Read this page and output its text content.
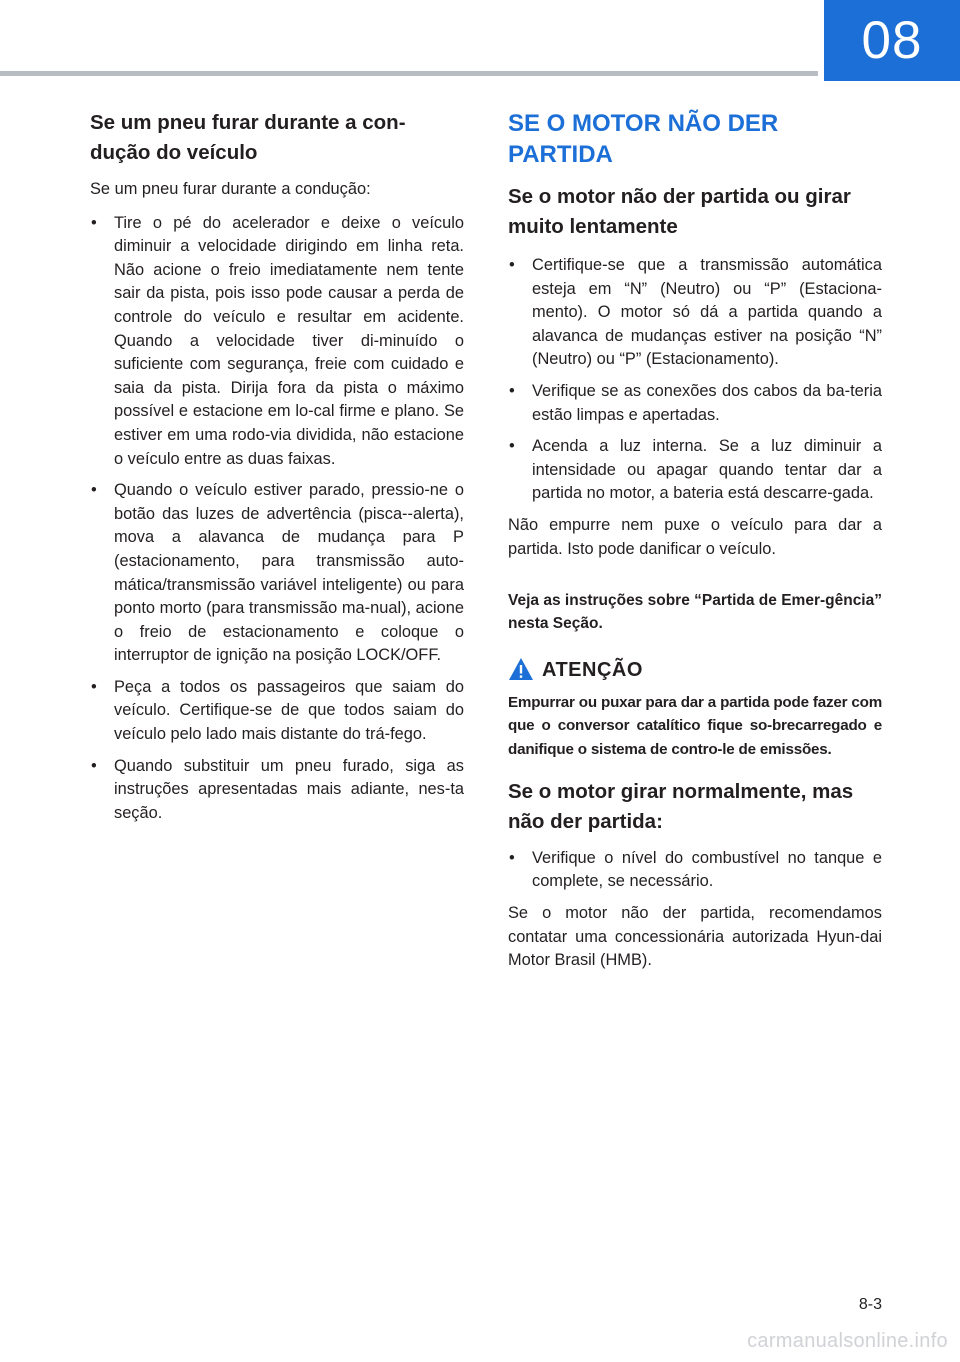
08

Se um pneu furar durante a con-dução do veículo

Se um pneu furar durante a condução:

• Tire o pé do acelerador e deixe o veículo diminuir a velocidade dirigindo em linha reta. Não acione o freio imediatamente nem tente sair da pista, pois isso pode causar a perda de controle do veículo e resultar em acidente. Quando a velocidade tiver di-minuído o suficiente com segurança, freie com cuidado e saia da pista. Dirija fora da pista o máximo possível e estacione em lo-cal firme e plano. Se estiver em uma rodo-via dividida, não estacione o veículo entre as duas faixas.
• Quando o veículo estiver parado, pressio-ne o botão das luzes de advertência (pisca--alerta), mova a alavanca de mudança para P (estacionamento, para transmissão auto-mática/transmissão variável inteligente) ou para ponto morto (para transmissão ma-nual), acione o freio de estacionamento e coloque o interruptor de ignição na posição LOCK/OFF.
• Peça a todos os passageiros que saiam do veículo. Certifique-se de que todos saiam do veículo pelo lado mais distante do trá-fego.
• Quando substituir um pneu furado, siga as instruções apresentadas mais adiante, nes-ta seção.

SE O MOTOR NÃO DER PARTIDA

Se o motor não der partida ou girar muito lentamente

• Certifique-se que a transmissão automática esteja em “N” (Neutro) ou “P” (Estaciona-mento). O motor só dá a partida quando a alavanca de mudanças estiver na posição “N” (Neutro) ou “P” (Estacionamento).
• Verifique se as conexões dos cabos da ba-teria estão limpas e apertadas.
• Acenda a luz interna. Se a luz diminuir a intensidade ou apagar quando tentar dar a partida no motor, a bateria está descarre-gada.

Não empurre nem puxe o veículo para dar a partida. Isto pode danificar o veículo.

Veja as instruções sobre “Partida de Emer-gência” nesta Seção.

ATENÇÃO

Empurrar ou puxar para dar a partida pode fazer com que o conversor catalítico fique so-brecarregado e danifique o sistema de contro-le de emissões.

Se o motor girar normalmente, mas não der partida:

• Verifique o nível do combustível no tanque e complete, se necessário.

Se o motor não der partida, recomendamos contatar uma concessionária autorizada Hyun-dai Motor Brasil (HMB).

8-3
carmanualsonline.info
